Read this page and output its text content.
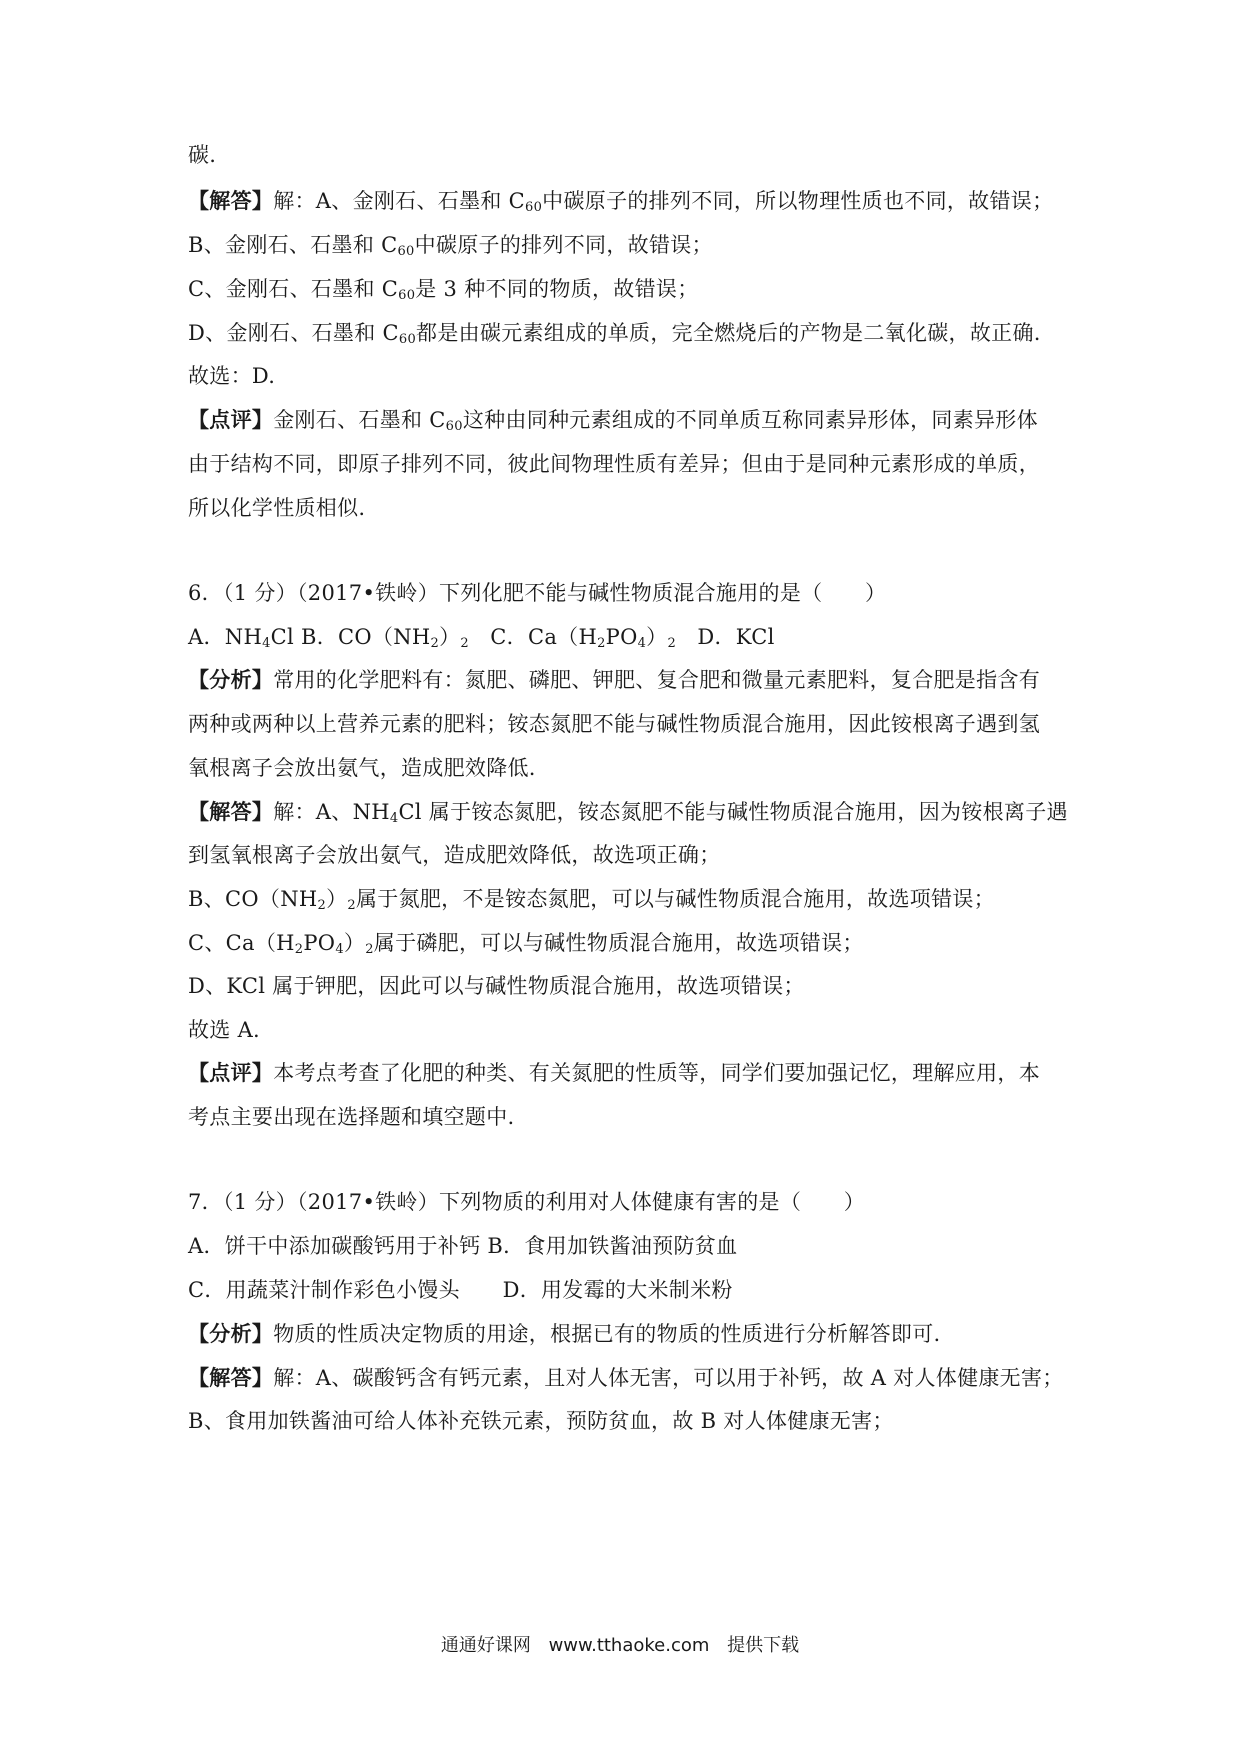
碳.
【解答】解：A、金刚石、石墨和 $C_{60}$中碳原子的排列不同，所以物理性质也不同，故错误；
B、金刚石、石墨和 $C_{60}$中碳原子的排列不同，故错误；
C、金刚石、石墨和 $C_{60}$是 3 种不同的物质，故错误；
D、金刚石、石墨和 $C_{60}$都是由碳元素组成的单质，完全燃烧后的产物是二氧化碳，故正确.
故选：D.
【点评】金刚石、石墨和 $C_{60}$这种由同种元素组成的不同单质互称同素异形体，同素异形体
由于结构不同，即原子排列不同，彼此间物理性质有差异；但由于是同种元素形成的单质，
所以化学性质相似.
6．（1 分）（2017•铁岭）下列化肥不能与碱性物质混合施用的是（　　）
A．$NH_4Cl$ B．$CO(NH_2)_2$　C．$Ca(H_2PO_4)_2$　D．KCl
【分析】常用的化学肥料有：氮肥、磷肥、钾肥、复合肥和微量元素肥料，复合肥是指含有
两种或两种以上营养元素的肥料；铵态氮肥不能与碱性物质混合施用，因此铵根离子遇到氢
氧根离子会放出氨气，造成肥效降低.
【解答】解：A、$NH_4Cl$ 属于铵态氮肥，铵态氮肥不能与碱性物质混合施用，因为铵根离子遇
到氢氧根离子会放出氨气，造成肥效降低，故选项正确；
B、$CO(NH_2)_2$属于氮肥，不是铵态氮肥，可以与碱性物质混合施用，故选项错误；
C、$Ca(H_2PO_4)_2$属于磷肥，可以与碱性物质混合施用，故选项错误；
D、KCl 属于钾肥，因此可以与碱性物质混合施用，故选项错误；
故选 A.
【点评】本考点考查了化肥的种类、有关氮肥的性质等，同学们要加强记忆，理解应用，本
考点主要出现在选择题和填空题中.
7．（1 分）（2017•铁岭）下列物质的利用对人体健康有害的是（　　）
A．饼干中添加碳酸钙用于补钙 B．食用加铁酱油预防贫血
C．用蔬菜汁制作彩色小馒头　　D．用发霉的大米制米粉
【分析】物质的性质决定物质的用途，根据已有的物质的性质进行分析解答即可.
【解答】解：A、碳酸钙含有钙元素，且对人体无害，可以用于补钙，故 A 对人体健康无害；
B、食用加铁酱油可给人体补充铁元素，预防贫血，故 B 对人体健康无害；
通通好课网 www.tthaoke.com 提供下载
